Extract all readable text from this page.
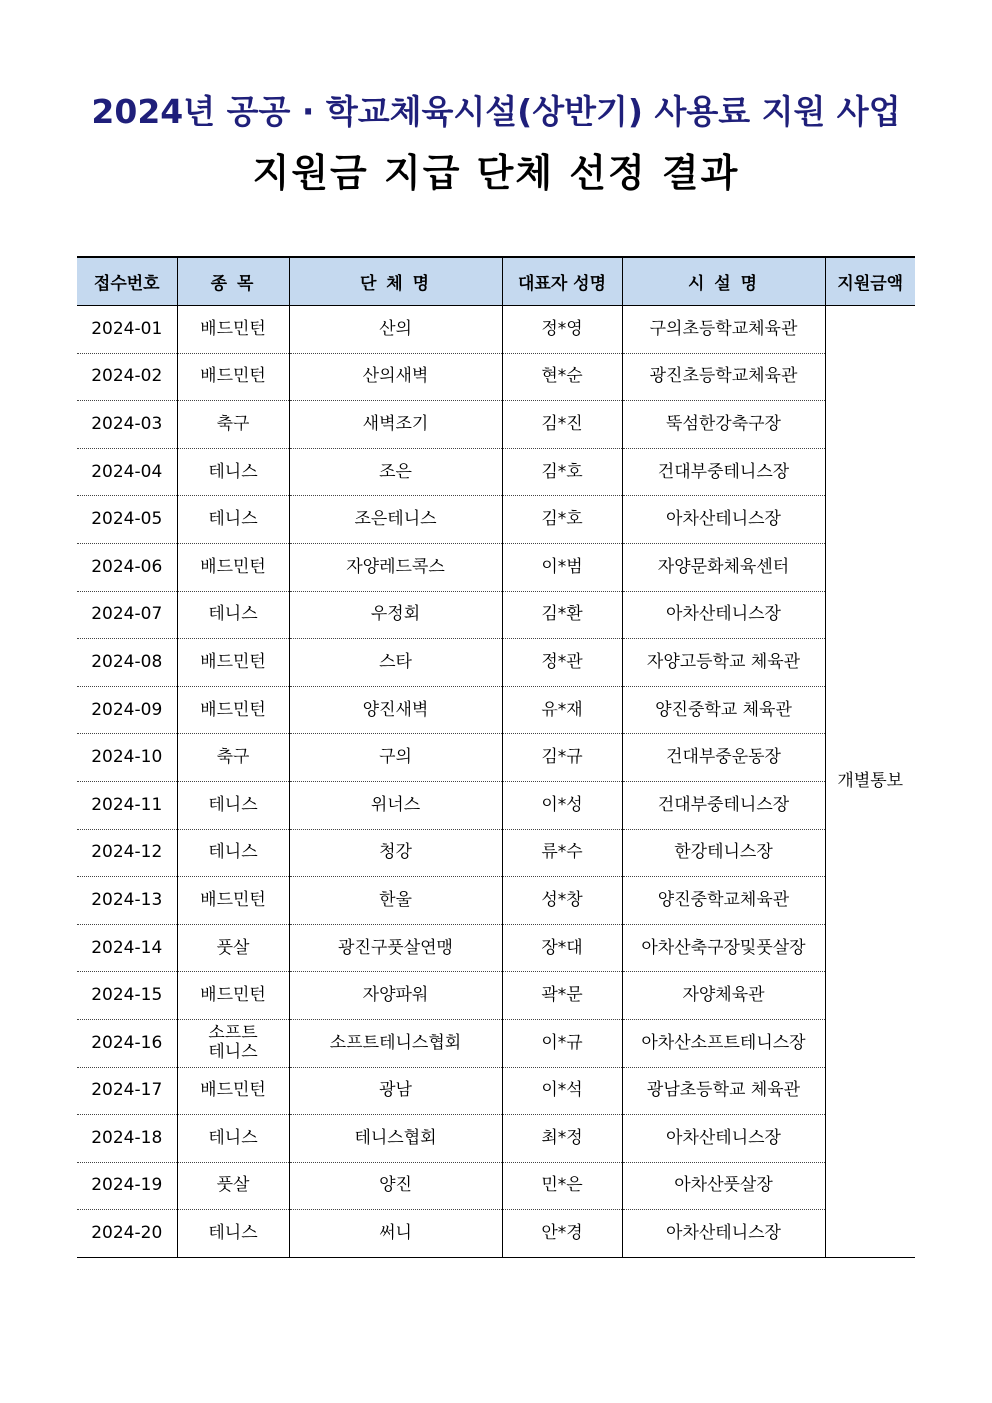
2024년 공공 · 학교체육시설(상반기) 사용료 지원 사업
지원금 지급 단체 선정 결과
접수번호	종 목	단 체 명	대표자 성명	시 설 명	지원금액
2024-01	배드민턴	산의	정*영	구의초등학교체육관	개별통보
2024-02	배드민턴	산의새벽	현*순	광진초등학교체육관	
2024-03	축구	새벽조기	김*진	뚝섬한강축구장	
2024-04	테니스	조은	김*호	건대부중테니스장	
2024-05	테니스	조은테니스	김*호	아차산테니스장	
2024-06	배드민턴	자양레드콕스	이*범	자양문화체육센터	
2024-07	테니스	우정회	김*환	아차산테니스장	
2024-08	배드민턴	스타	정*관	자양고등학교 체육관	
2024-09	배드민턴	양진새벽	유*재	양진중학교 체육관	
2024-10	축구	구의	김*규	건대부중운동장	
2024-11	테니스	위너스	이*성	건대부중테니스장	
2024-12	테니스	청강	류*수	한강테니스장	
2024-13	배드민턴	한울	성*창	양진중학교체육관	
2024-14	풋살	광진구풋살연맹	장*대	아차산축구장및풋살장	
2024-15	배드민턴	자양파워	곽*문	자양체육관	
2024-16	소프트 테니스	소프트테니스협회	이*규	아차산소프트테니스장	
2024-17	배드민턴	광남	이*석	광남초등학교 체육관	
2024-18	테니스	테니스협회	최*정	아차산테니스장	
2024-19	풋살	양진	민*은	아차산풋살장	
2024-20	테니스	써니	안*경	아차산테니스장	
